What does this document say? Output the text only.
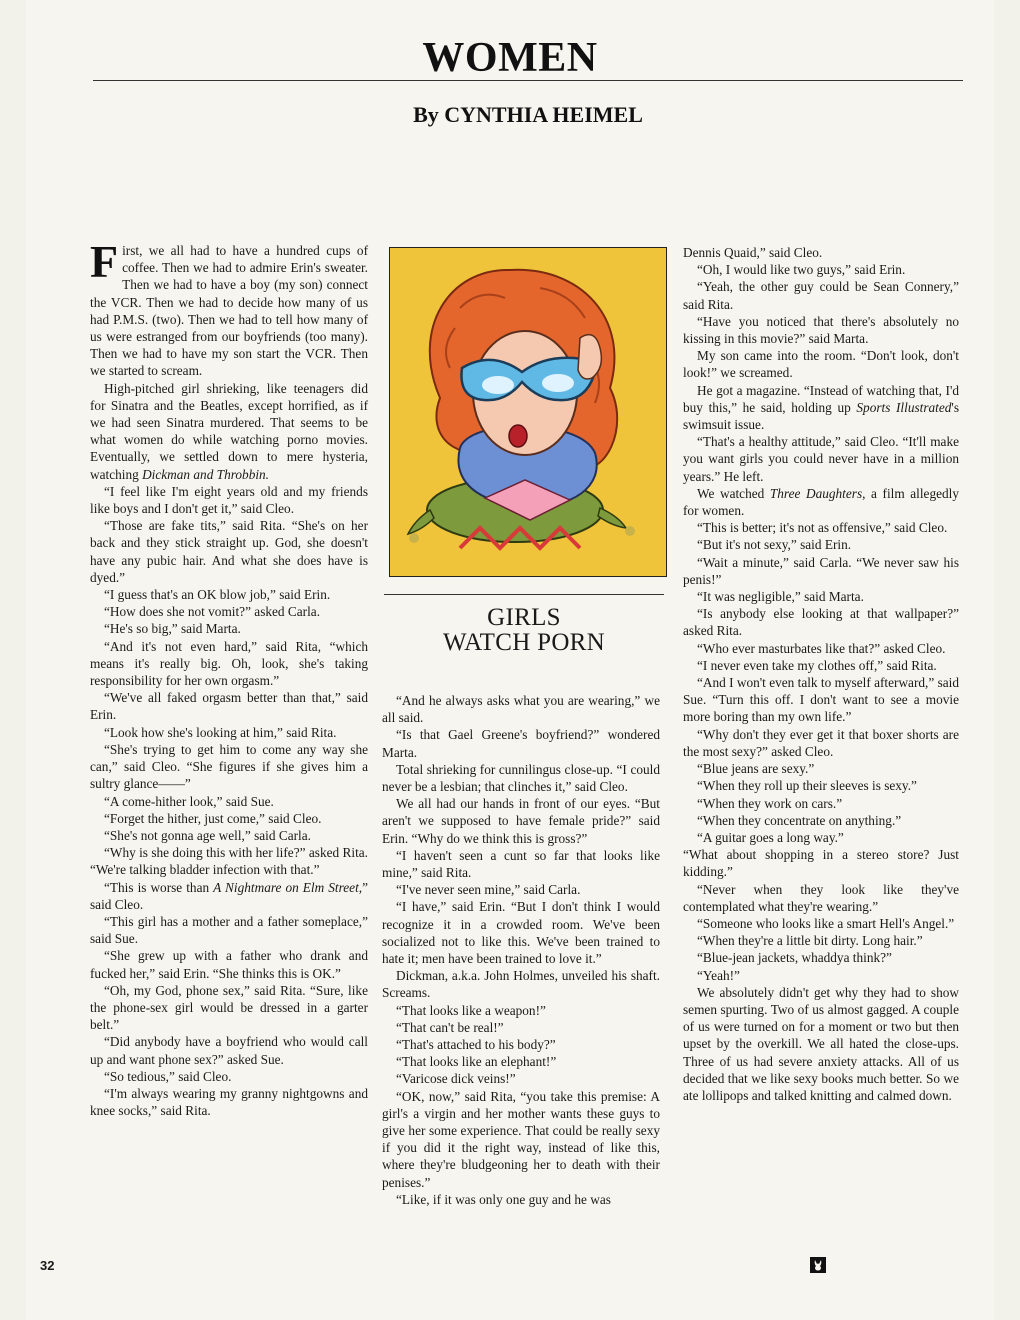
WOMEN
By CYNTHIA HEIMEL

First, we all had to have a hundred cups of coffee. Then we had to admire Erin's sweater. Then we had to have a boy (my son) connect the VCR. Then we had to decide how many of us had P.M.S. (two). Then we had to tell how many of us were estranged from our boyfriends (too many). Then we had to have my son start the VCR. Then we started to scream.

High-pitched girl shrieking, like teenagers did for Sinatra and the Beatles, except horrified, as if we had seen Sinatra murdered. That seems to be what women do while watching porno movies. Eventually, we settled down to mere hysteria, watching Dickman and Throbbin.

“I feel like I'm eight years old and my friends like boys and I don't get it,” said Cleo.

“Those are fake tits,” said Rita. “She's on her back and they stick straight up. God, she doesn't have any pubic hair. And what she does have is dyed.”

“I guess that's an OK blow job,” said Erin.

“How does she not vomit?” asked Carla.

“He's so big,” said Marta.

“And it's not even hard,” said Rita, “which means it's really big. Oh, look, she's taking responsibility for her own orgasm.”

“We've all faked orgasm better than that,” said Erin.

“Look how she's looking at him,” said Rita.

“She's trying to get him to come any way she can,” said Cleo. “She figures if she gives him a sultry glance——”

“A come-hither look,” said Sue.

“Forget the hither, just come,” said Cleo.

“She's not gonna age well,” said Carla.

“Why is she doing this with her life?” asked Rita. “We're talking bladder infection with that.”

“This is worse than A Nightmare on Elm Street,” said Cleo.

“This girl has a mother and a father someplace,” said Sue.

“She grew up with a father who drank and fucked her,” said Erin. “She thinks this is OK.”

“Oh, my God, phone sex,” said Rita. “Sure, like the phone-sex girl would be dressed in a garter belt.”

“Did anybody have a boyfriend who would call up and want phone sex?” asked Sue.

“So tedious,” said Cleo.

“I'm always wearing my granny nightgowns and knee socks,” said Rita.

GIRLS
WATCH PORN

“And he always asks what you are wearing,” we all said.

“Is that Gael Greene's boyfriend?” wondered Marta.

Total shrieking for cunnilingus close-up. “I could never be a lesbian; that clinches it,” said Cleo.

We all had our hands in front of our eyes. “But aren't we supposed to have female pride?” said Erin. “Why do we think this is gross?”

“I haven't seen a cunt so far that looks like mine,” said Rita.

“I've never seen mine,” said Carla.

“I have,” said Erin. “But I don't think I would recognize it in a crowded room. We've been socialized not to like this. We've been trained to hate it; men have been trained to love it.”

Dickman, a.k.a. John Holmes, unveiled his shaft. Screams.

“That looks like a weapon!”

“That can't be real!”

“That's attached to his body?”

“That looks like an elephant!”

“Varicose dick veins!”

“OK, now,” said Rita, “you take this premise: A girl's a virgin and her mother wants these guys to give her some experience. That could be really sexy if you did it the right way, instead of like this, where they're bludgeoning her to death with their penises.”

“Like, if it was only one guy and he was

Dennis Quaid,” said Cleo.

“Oh, I would like two guys,” said Erin.

“Yeah, the other guy could be Sean Connery,” said Rita.

“Have you noticed that there's absolutely no kissing in this movie?” said Marta.

My son came into the room. “Don't look, don't look!” we screamed.

He got a magazine. “Instead of watching that, I'd buy this,” he said, holding up Sports Illustrated's swimsuit issue.

“That's a healthy attitude,” said Cleo. “It'll make you want girls you could never have in a million years.” He left.

We watched Three Daughters, a film allegedly for women.

“This is better; it's not as offensive,” said Cleo.

“But it's not sexy,” said Erin.

“Wait a minute,” said Carla. “We never saw his penis!”

“It was negligible,” said Marta.

“Is anybody else looking at that wallpaper?” asked Rita.

“Who ever masturbates like that?” asked Cleo.

“I never even take my clothes off,” said Rita.

“And I won't even talk to myself afterward,” said Sue. “Turn this off. I don't want to see a movie more boring than my own life.”

“Why don't they ever get it that boxer shorts are the most sexy?” asked Cleo.

“Blue jeans are sexy.”

“When they roll up their sleeves is sexy.”

“When they work on cars.”

“When they concentrate on anything.”

“A guitar goes a long way.”

“What about shopping in a stereo store? Just kidding.”

“Never when they look like they've contemplated what they're wearing.”

“Someone who looks like a smart Hell's Angel.”

“When they're a little bit dirty. Long hair.”

“Blue-jean jackets, whaddya think?”

“Yeah!”

We absolutely didn't get why they had to show semen spurting. Two of us almost gagged. A couple of us were turned on for a moment or two but then upset by the overkill. We all hated the close-ups. Three of us had severe anxiety attacks. All of us decided that we like sexy books much better. So we ate lollipops and talked knitting and calmed down.

32
